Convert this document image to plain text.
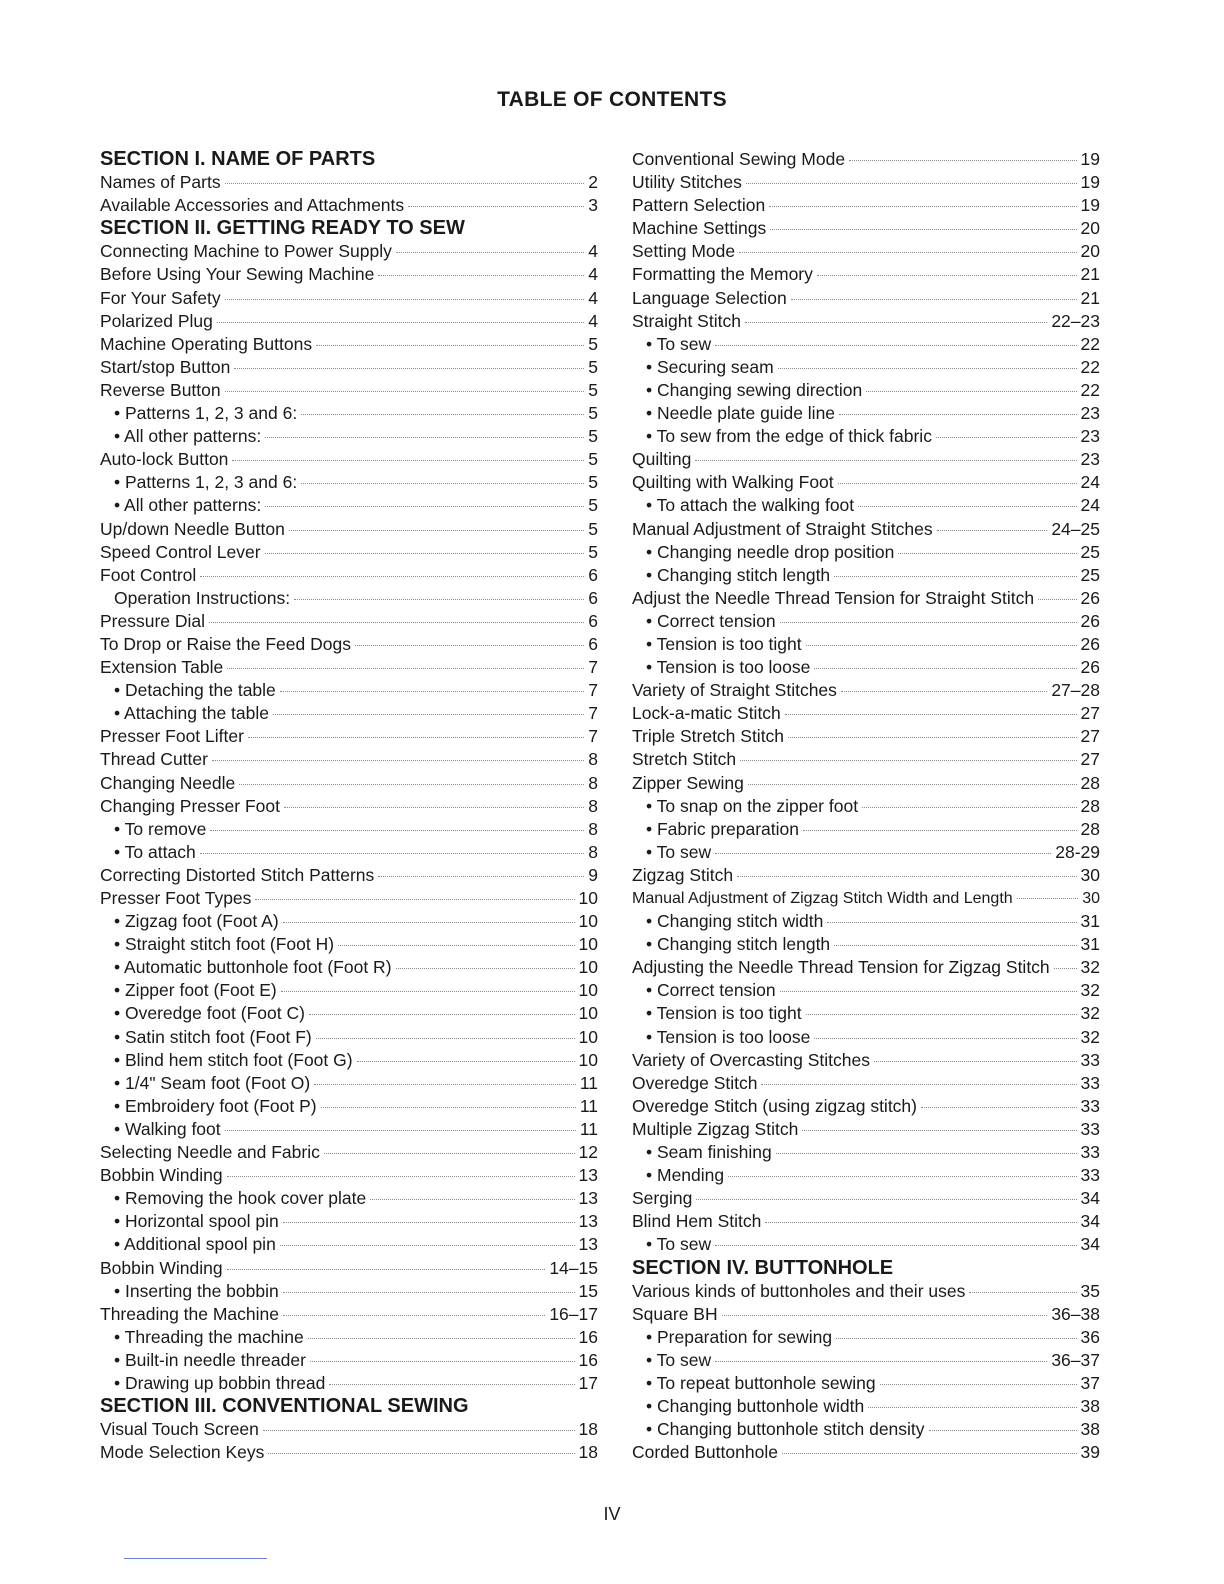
TABLE OF CONTENTS
SECTION I. NAME OF PARTS
Names of Parts	2
Available Accessories and Attachments	3
SECTION II. GETTING READY TO SEW
Connecting Machine to Power Supply	4
Before Using Your Sewing Machine	4
For Your Safety	4
Polarized Plug	4
Machine Operating Buttons	5
Start/stop Button	5
Reverse Button	5
• Patterns 1, 2, 3 and 6:	5
• All other patterns:	5
Auto-lock Button	5
• Patterns 1, 2, 3 and 6:	5
• All other patterns:	5
Up/down Needle Button	5
Speed Control Lever	5
Foot Control	6
Operation Instructions:	6
Pressure Dial	6
To Drop or Raise the Feed Dogs	6
Extension Table	7
• Detaching the table	7
• Attaching the table	7
Presser Foot Lifter	7
Thread Cutter	8
Changing Needle	8
Changing Presser Foot	8
• To remove	8
• To attach	8
Correcting Distorted Stitch Patterns	9
Presser Foot Types	10
• Zigzag foot (Foot A)	10
• Straight stitch foot (Foot H)	10
• Automatic buttonhole foot (Foot R)	10
• Zipper foot (Foot E)	10
• Overedge foot (Foot C)	10
• Satin stitch foot (Foot F)	10
• Blind hem stitch foot (Foot G)	10
• 1/4" Seam foot (Foot O)	11
• Embroidery foot (Foot P)	11
• Walking foot	11
Selecting Needle and Fabric	12
Bobbin Winding	13
• Removing the hook cover plate	13
• Horizontal spool pin	13
• Additional spool pin	13
Bobbin Winding	14–15
• Inserting the bobbin	15
Threading the Machine	16–17
• Threading the machine	16
• Built-in needle threader	16
• Drawing up bobbin thread	17
SECTION III. CONVENTIONAL SEWING
Visual Touch Screen	18
Mode Selection Keys	18
Conventional Sewing Mode	19
Utility Stitches	19
Pattern Selection	19
Machine Settings	20
Setting Mode	20
Formatting the Memory	21
Language Selection	21
Straight Stitch	22–23
• To sew	22
• Securing seam	22
• Changing sewing direction	22
• Needle plate guide line	23
• To sew from the edge of thick fabric	23
Quilting	23
Quilting with Walking Foot	24
• To attach the walking foot	24
Manual Adjustment of Straight Stitches	24–25
• Changing needle drop position	25
• Changing stitch length	25
Adjust the Needle Thread Tension for Straight Stitch	26
• Correct tension	26
• Tension is too tight	26
• Tension is too loose	26
Variety of Straight Stitches	27–28
Lock-a-matic Stitch	27
Triple Stretch Stitch	27
Stretch Stitch	27
Zipper Sewing	28
• To snap on the zipper foot	28
• Fabric preparation	28
• To sew	28-29
Zigzag Stitch	30
Manual Adjustment of Zigzag Stitch Width and Length	30
• Changing stitch width	31
• Changing stitch length	31
Adjusting the Needle Thread Tension for Zigzag Stitch 32
• Correct tension	32
• Tension is too tight	32
• Tension is too loose	32
Variety of Overcasting Stitches	33
Overedge Stitch	33
Overedge Stitch (using zigzag stitch)	33
Multiple Zigzag Stitch	33
• Seam finishing	33
• Mending	33
Serging	34
Blind Hem Stitch	34
• To sew	34
SECTION IV. BUTTONHOLE
Various kinds of buttonholes and their uses	35
Square BH	36–38
• Preparation for sewing	36
• To sew	36–37
• To repeat buttonhole sewing	37
• Changing buttonhole width	38
• Changing buttonhole stitch density	38
Corded Buttonhole	39
IV
